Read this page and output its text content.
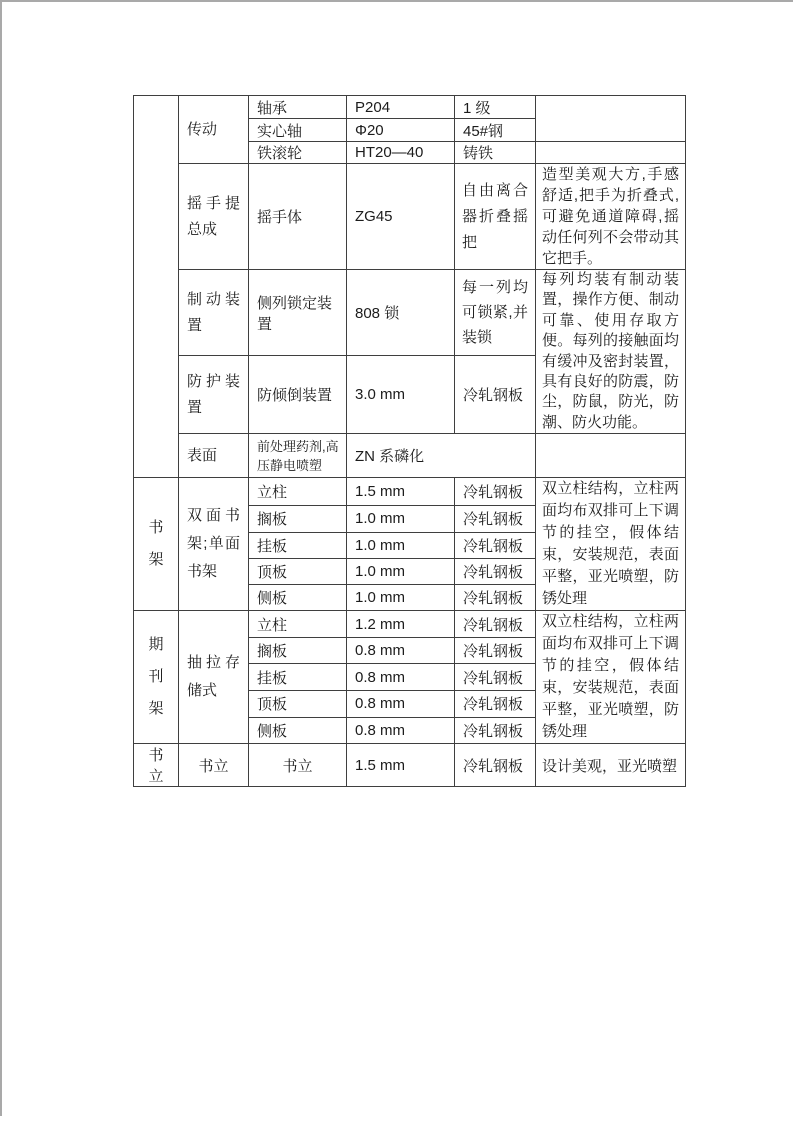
	传动	轴承	P204	1 级	
		实心轴	Φ20	45#钢	
		铁滚轮	HT20—40	铸铁	
	摇手提总成	摇手体	ZG45	自由离合器折叠摇把	造型美观大方,手感舒适,把手为折叠式,可避免通道障碍,摇动任何列不会带动其它把手。
	制动装置	侧列锁定装置	808 锁	每一列均可锁紧,并装锁	每列均装有制动装置，操作方便、制动可靠、使用存取方便。每列的接触面均有缓冲及密封装置，具有良好的防震，防尘，防鼠，防光，防潮、防火功能。
	防护装置	防倾倒装置	3.0 mm	冷轧钢板	
	表面	前处理药剂,高压静电喷塑	ZN 系磷化		

书架	双面书架;单面书架	立柱	1.5 mm	冷轧钢板	双立柱结构，立柱两面均布双排可上下调节的挂空，假体结束，安装规范，表面平整，亚光喷塑，防锈处理
		搁板	1.0 mm	冷轧钢板	
		挂板	1.0 mm	冷轧钢板	
		顶板	1.0 mm	冷轧钢板	
		侧板	1.0 mm	冷轧钢板	

期刊架	抽拉存储式	立柱	1.2 mm	冷轧钢板	双立柱结构，立柱两面均布双排可上下调节的挂空，假体结束，安装规范，表面平整，亚光喷塑，防锈处理
		搁板	0.8 mm	冷轧钢板	
		挂板	0.8 mm	冷轧钢板	
		顶板	0.8 mm	冷轧钢板	
		侧板	0.8 mm	冷轧钢板	
书立	书立	书立	1.5 mm	冷轧钢板	设计美观，亚光喷塑
